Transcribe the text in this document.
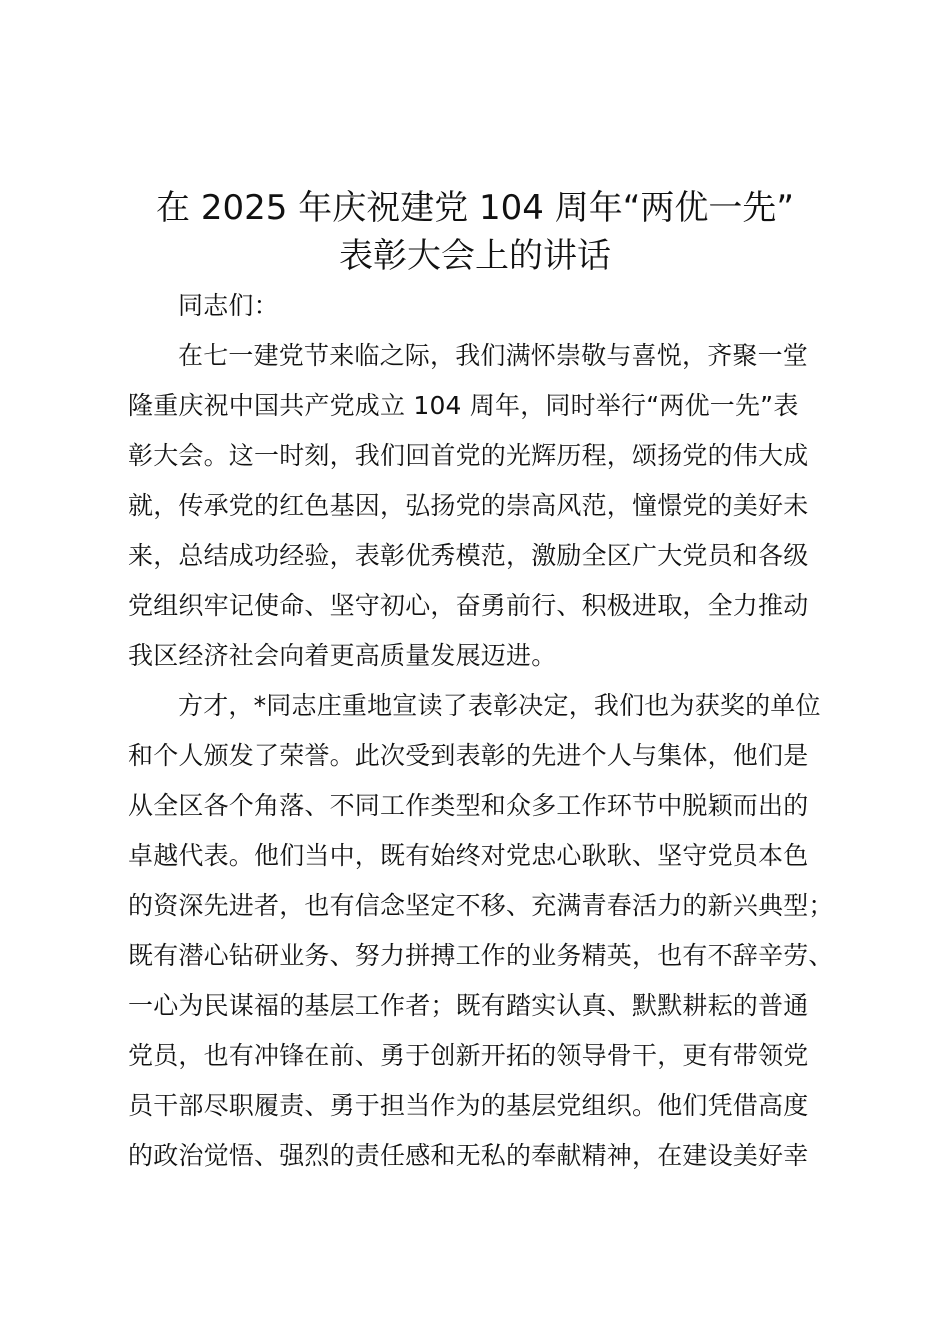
在 2025 年庆祝建党 104 周年“两优一先”
表彰大会上的讲话
同志们：
在七一建党节来临之际，我们满怀崇敬与喜悦，齐聚一堂
隆重庆祝中国共产党成立 104 周年，同时举行“两优一先”表
彰大会。这一时刻，我们回首党的光辉历程，颂扬党的伟大成
就，传承党的红色基因，弘扬党的崇高风范，憧憬党的美好未
来，总结成功经验，表彰优秀模范，激励全区广大党员和各级
党组织牢记使命、坚守初心，奋勇前行、积极进取，全力推动
我区经济社会向着更高质量发展迈进。
方才，*同志庄重地宣读了表彰决定，我们也为获奖的单位
和个人颁发了荣誉。此次受到表彰的先进个人与集体，他们是
从全区各个角落、不同工作类型和众多工作环节中脱颖而出的
卓越代表。他们当中，既有始终对党忠心耿耿、坚守党员本色
的资深先进者，也有信念坚定不移、充满青春活力的新兴典型；
既有潜心钻研业务、努力拼搏工作的业务精英，也有不辞辛劳、
一心为民谋福的基层工作者；既有踏实认真、默默耕耘的普通
党员，也有冲锋在前、勇于创新开拓的领导骨干，更有带领党
员干部尽职履责、勇于担当作为的基层党组织。他们凭借高度
的政治觉悟、强烈的责任感和无私的奉献精神，在建设美好幸
